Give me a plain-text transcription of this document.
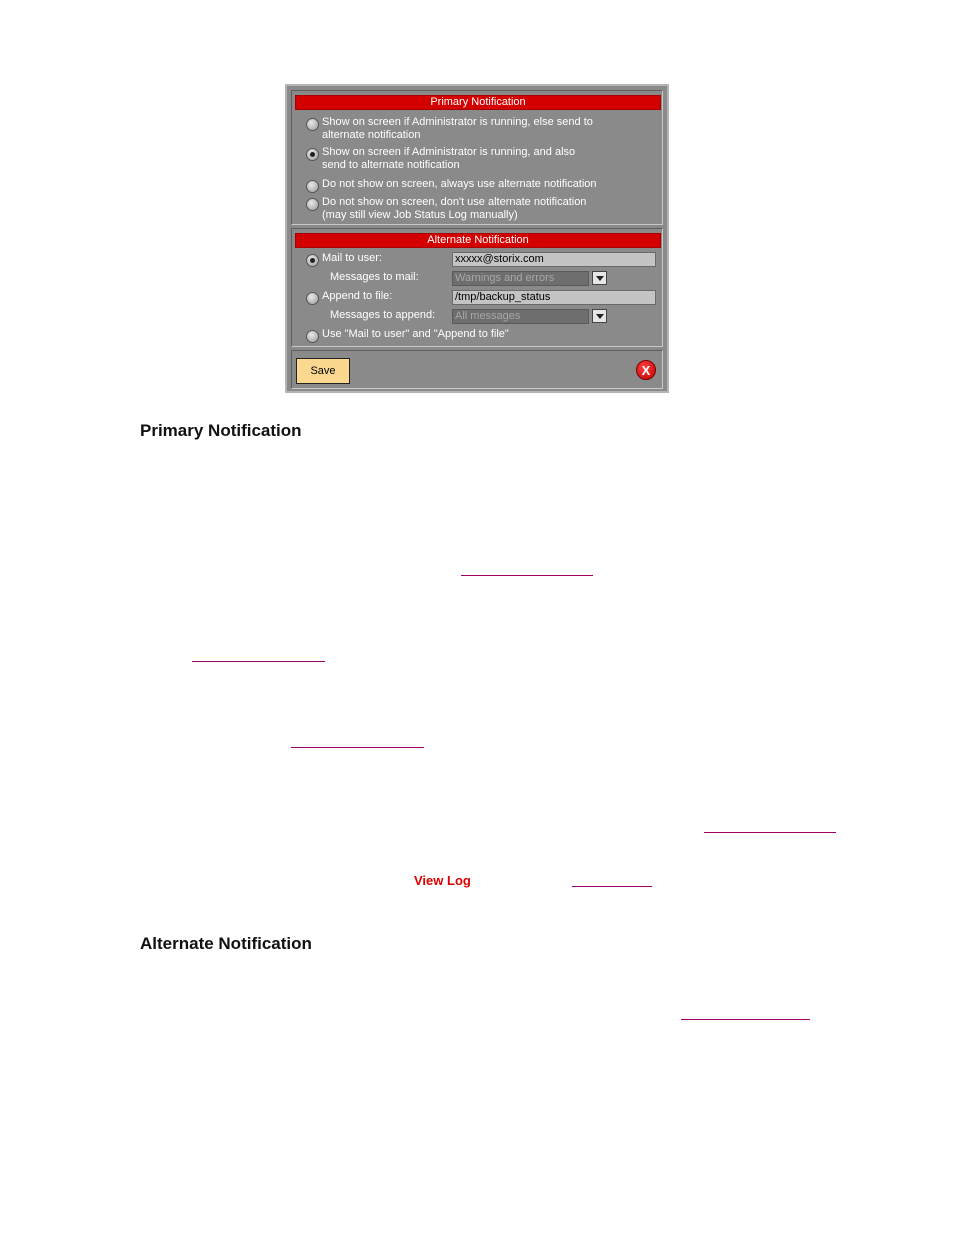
Primary Notification
Show on screen if Administrator is running, else send to
alternate notification
Show on screen if Administrator is running, and also
send to alternate notification
Do not show on screen, always use alternate notification
Do not show on screen, don't use alternate notification
(may still view Job Status Log manually)
Alternate Notification
Mail to user:	xxxxx@storix.com
Messages to mail:	Warnings and errors
Append to file:	/tmp/backup_status
Messages to append: All messages
Use "Mail to user" and "Append to file"
Save	X
Primary Notification
View Log
Alternate Notification
